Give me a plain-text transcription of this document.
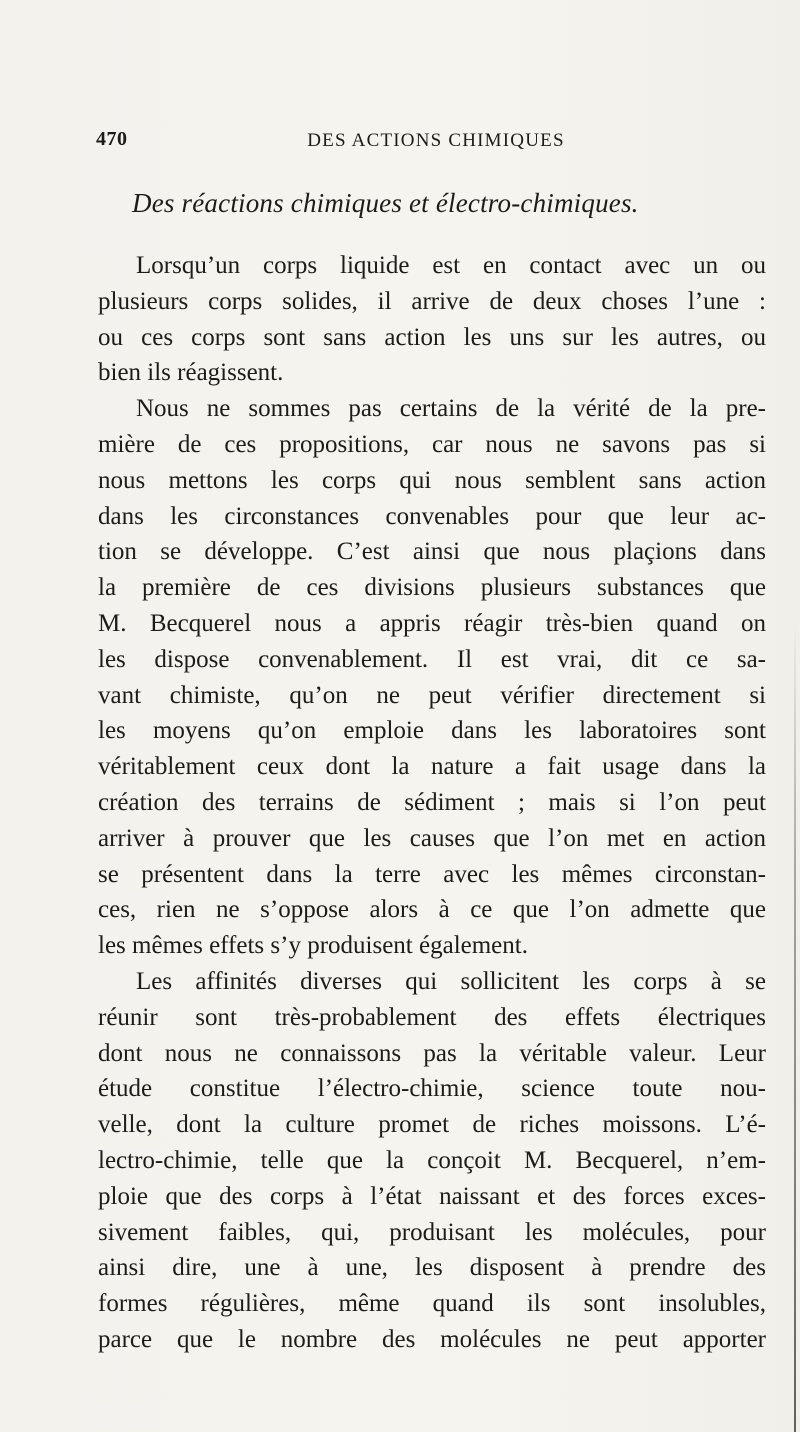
470	DES ACTIONS CHIMIQUES
Des réactions chimiques et électro-chimiques.
Lorsqu’un corps liquide est en contact avec un ou
plusieurs corps solides, il arrive de deux choses l’une :
ou ces corps sont sans action les uns sur les autres, ou
bien ils réagissent.
Nous ne sommes pas certains de la vérité de la pre-
mière de ces propositions, car nous ne savons pas si
nous mettons les corps qui nous semblent sans action
dans les circonstances convenables pour que leur ac-
tion se développe. C’est ainsi que nous plaçions dans
la première de ces divisions plusieurs substances que
M. Becquerel nous a appris réagir très-bien quand on
les dispose convenablement. Il est vrai, dit ce sa-
vant chimiste, qu’on ne peut vérifier directement si
les moyens qu’on emploie dans les laboratoires sont
véritablement ceux dont la nature a fait usage dans la
création des terrains de sédiment ; mais si l’on peut
arriver à prouver que les causes que l’on met en action
se présentent dans la terre avec les mêmes circonstan-
ces, rien ne s’oppose alors à ce que l’on admette que
les mêmes effets s’y produisent également.
Les affinités diverses qui sollicitent les corps à se
réunir sont très-probablement des effets électriques
dont nous ne connaissons pas la véritable valeur. Leur
étude constitue l’électro-chimie, science toute nou-
velle, dont la culture promet de riches moissons. L’é-
lectro-chimie, telle que la conçoit M. Becquerel, n’em-
ploie que des corps à l’état naissant et des forces exces-
sivement faibles, qui, produisant les molécules, pour
ainsi dire, une à une, les disposent à prendre des
formes régulières, même quand ils sont insolubles,
parce que le nombre des molécules ne peut apporter
